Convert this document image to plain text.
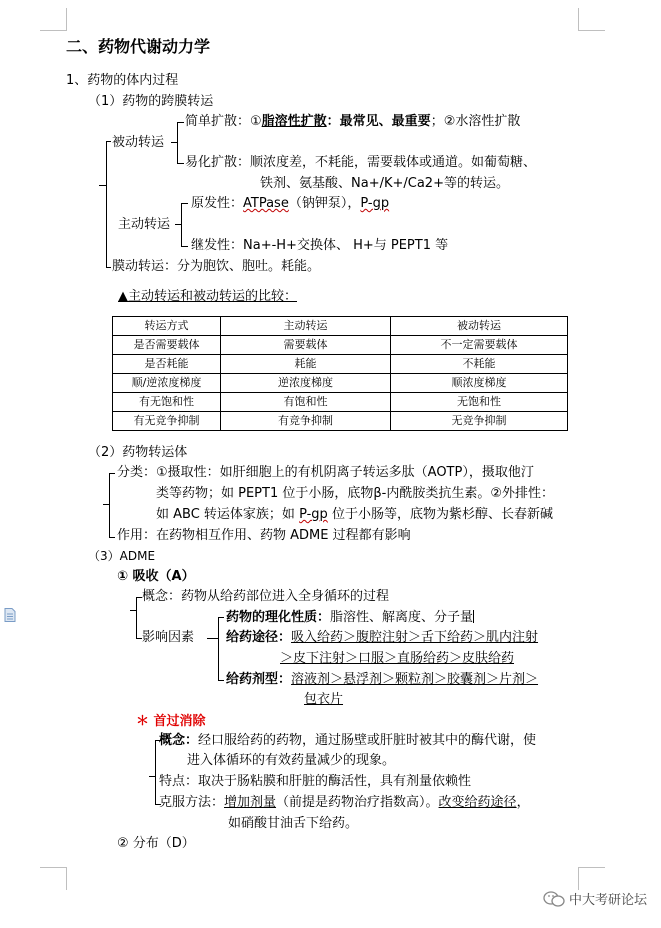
二、药物代谢动力学
1、药物的体内过程
（1）药物的跨膜转运
被动转运
简单扩散：①脂溶性扩散：最常见、最重要；②水溶性扩散
易化扩散：顺浓度差，不耗能，需要载体或通道。如葡萄糖、
铁剂、氨基酸、Na+/K+/Ca2+等的转运。
主动转运
原发性：ATPase（钠钾泵），P-gp
继发性：Na+-H+交换体、 H+与 PEPT1 等
膜动转运：分为胞饮、胞吐。耗能。
▲主动转运和被动转运的比较：
转运方式	主动转运	被动转运
是否需要载体	需要载体	不一定需要载体
是否耗能	耗能	不耗能
顺/逆浓度梯度	逆浓度梯度	顺浓度梯度
有无饱和性	有饱和性	无饱和性
有无竞争抑制	有竞争抑制	无竞争抑制
（2）药物转运体
分类：①摄取性：如肝细胞上的有机阴离子转运多肽（AOTP），摄取他汀
类等药物；如 PEPT1 位于小肠，底物β-内酰胺类抗生素。②外排性：
如 ABC 转运体家族；如 P-gp 位于小肠等，底物为紫杉醇、长春新碱
作用：在药物相互作用、药物 ADME 过程都有影响
（3）ADME
① 吸收（A）
概念：药物从给药部位进入全身循环的过程
影响因素
药物的理化性质：脂溶性、解离度、分子量
给药途径：吸入给药＞腹腔注射＞舌下给药＞肌内注射
＞皮下注射＞口服＞直肠给药＞皮肤给药
给药剂型：溶液剂＞悬浮剂＞颗粒剂＞胶囊剂＞片剂＞
包衣片
＊ 首过消除
概念：经口服给药的药物，通过肠壁或肝脏时被其中的酶代谢，使
进入体循环的有效药量减少的现象。
特点：取决于肠粘膜和肝脏的酶活性，具有剂量依赖性
克服方法：增加剂量（前提是药物治疗指数高）。改变给药途径，
如硝酸甘油舌下给药。
② 分布（D）
中大考研论坛
